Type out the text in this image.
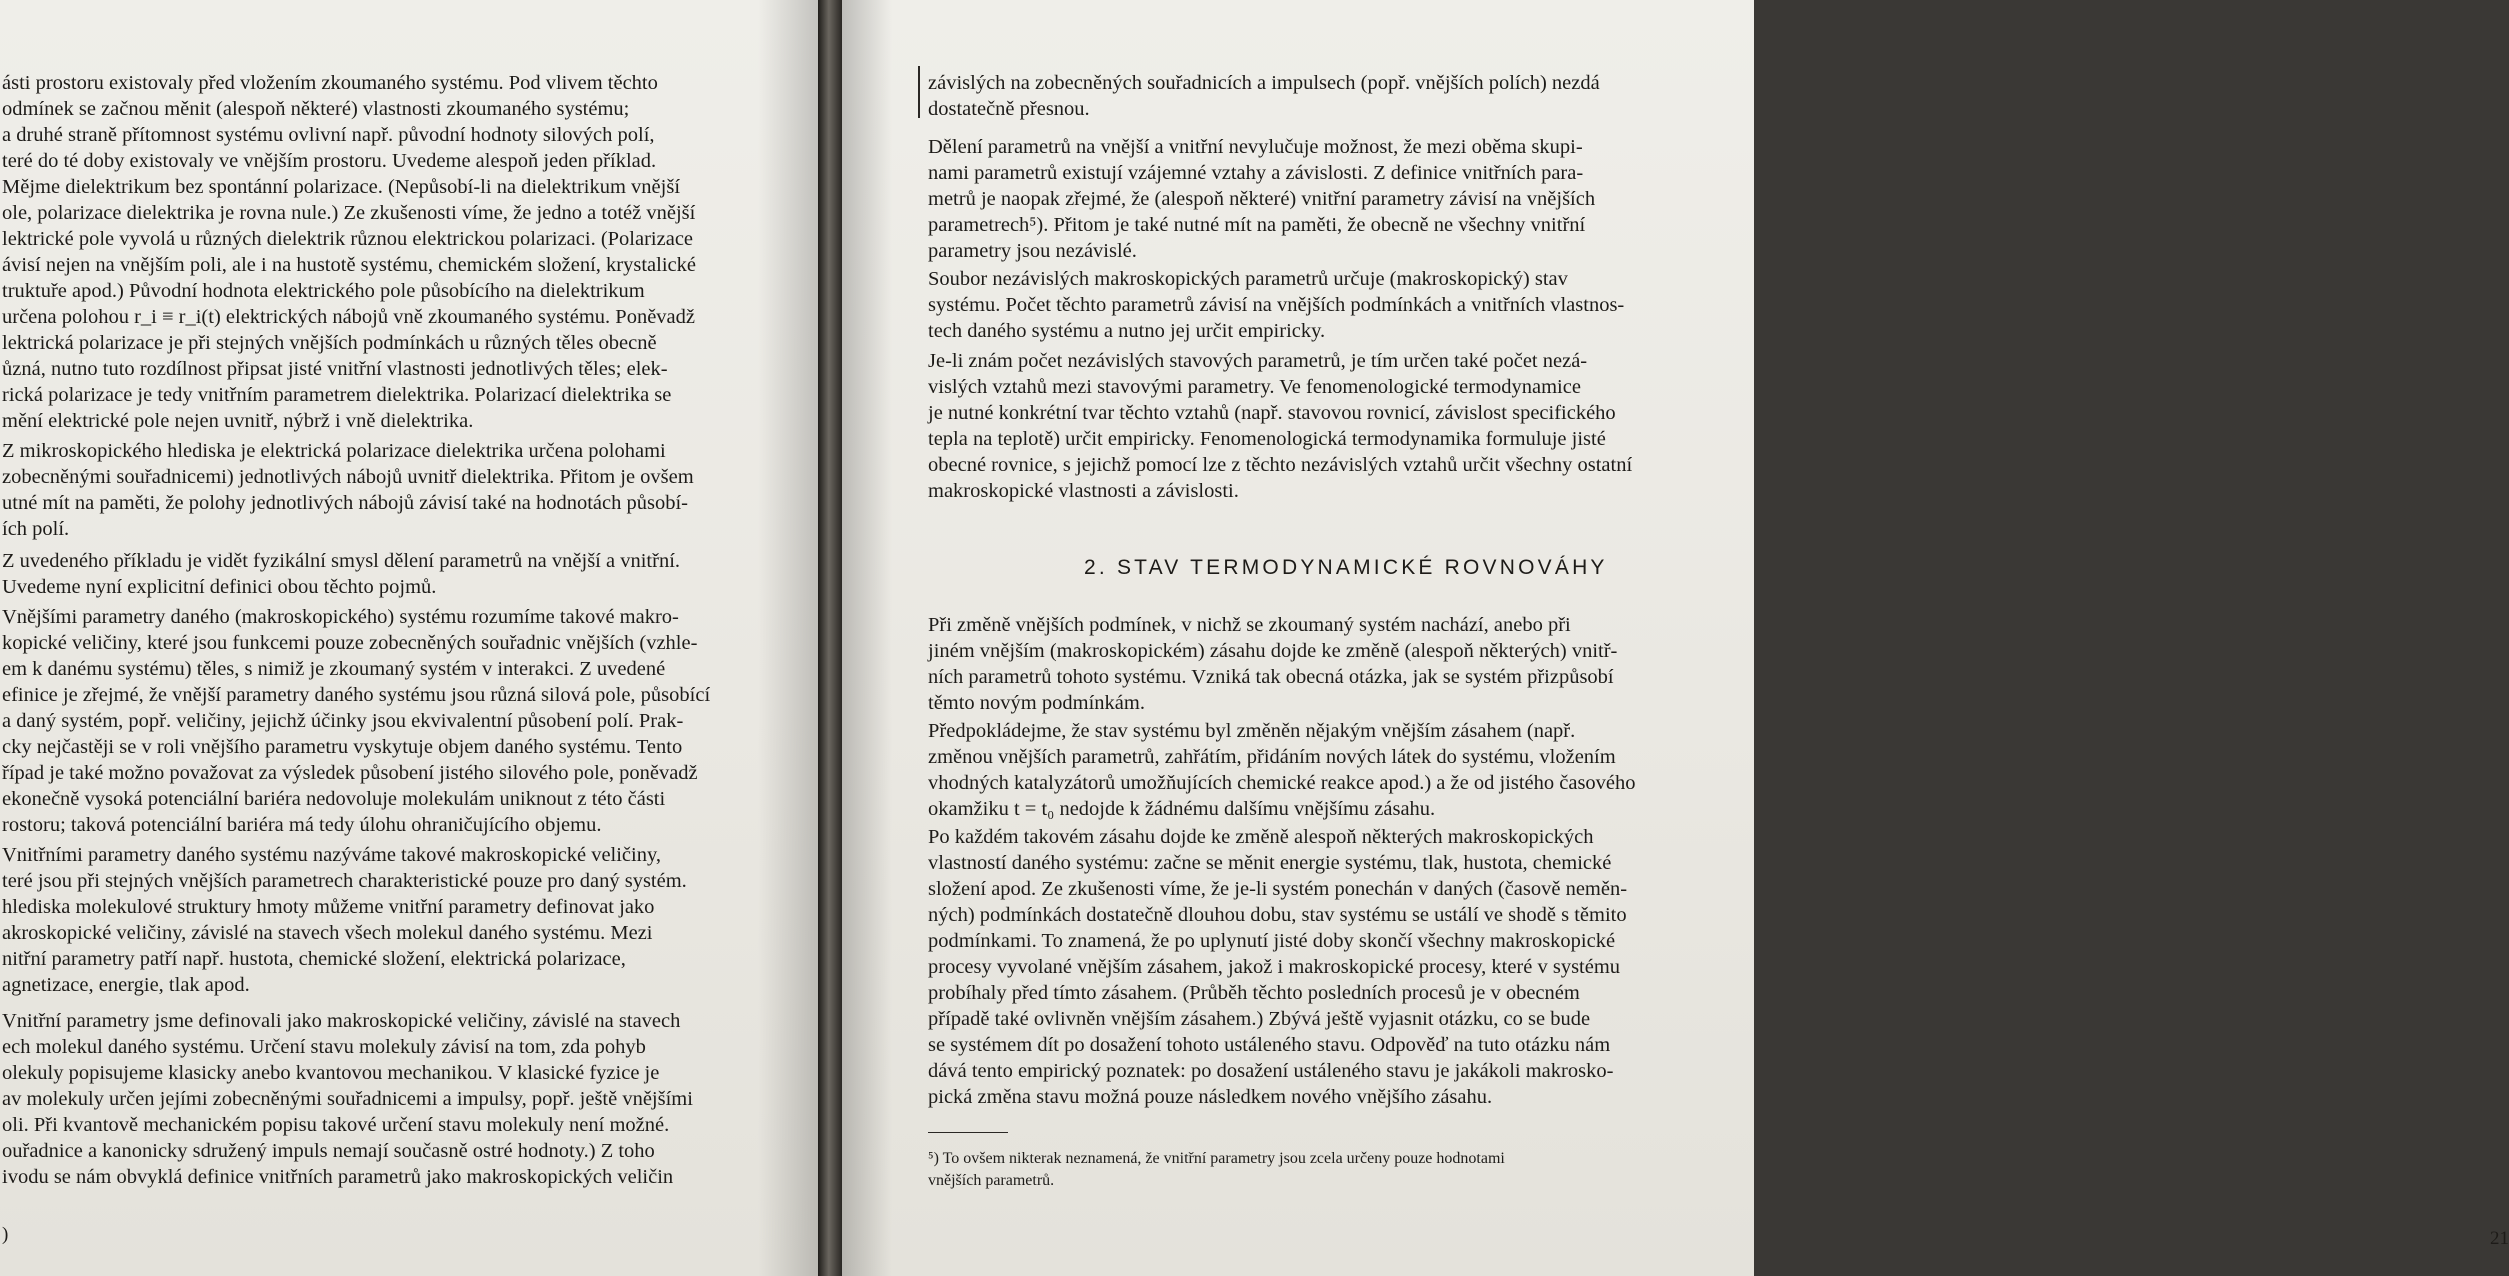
ásti prostoru existovaly před vložením zkoumaného systému. Pod vlivem těchto
odmínek se začnou měnit (alespoň některé) vlastnosti zkoumaného systému;
a druhé straně přítomnost systému ovlivní např. původní hodnoty silových polí,
teré do té doby existovaly ve vnějším prostoru. Uvedeme alespoň jeden příklad.
Mějme dielektrikum bez spontánní polarizace. (Nepůsobí-li na dielektrikum vnější
ole, polarizace dielektrika je rovna nule.) Ze zkušenosti víme, že jedno a totéž vnější
lektrické pole vyvolá u různých dielektrik různou elektrickou polarizaci. (Polarizace
ávisí nejen na vnějším poli, ale i na hustotě systému, chemickém složení, krystalické
truktuře apod.) Původní hodnota elektrického pole působícího na dielektrikum
určena polohou r_i ≡ r_i(t) elektrických nábojů vně zkoumaného systému. Poněvadž
lektrická polarizace je při stejných vnějších podmínkách u různých těles obecně
ůzná, nutno tuto rozdílnost připsat jisté vnitřní vlastnosti jednotlivých těles; elek-
rická polarizace je tedy vnitřním parametrem dielektrika. Polarizací dielektrika se
mění elektrické pole nejen uvnitř, nýbrž i vně dielektrika.
Z mikroskopického hlediska je elektrická polarizace dielektrika určena polohami
zobecněnými souřadnicemi) jednotlivých nábojů uvnitř dielektrika. Přitom je ovšem
utné mít na paměti, že polohy jednotlivých nábojů závisí také na hodnotách působí-
ích polí.
Z uvedeného příkladu je vidět fyzikální smysl dělení parametrů na vnější a vnitřní.
Uvedeme nyní explicitní definici obou těchto pojmů.
Vnějšími parametry daného (makroskopického) systému rozumíme takové makro-
kopické veličiny, které jsou funkcemi pouze zobecněných souřadnic vnějších (vzhle-
em k danému systému) těles, s nimiž je zkoumaný systém v interakci. Z uvedené
efinice je zřejmé, že vnější parametry daného systému jsou různá silová pole, působící
a daný systém, popř. veličiny, jejichž účinky jsou ekvivalentní působení polí. Prak-
cky nejčastěji se v roli vnějšího parametru vyskytuje objem daného systému. Tento
řípad je také možno považovat za výsledek působení jistého silového pole, poněvadž
ekonečně vysoká potenciální bariéra nedovoluje molekulám uniknout z této části
rostoru; taková potenciální bariéra má tedy úlohu ohraničujícího objemu.
Vnitřními parametry daného systému nazýváme takové makroskopické veličiny,
teré jsou při stejných vnějších parametrech charakteristické pouze pro daný systém.
hlediska molekulové struktury hmoty můžeme vnitřní parametry definovat jako
akroskopické veličiny, závislé na stavech všech molekul daného systému. Mezi
nitřní parametry patří např. hustota, chemické složení, elektrická polarizace,
agnetizace, energie, tlak apod.
Vnitřní parametry jsme definovali jako makroskopické veličiny, závislé na stavech
ech molekul daného systému. Určení stavu molekuly závisí na tom, zda pohyb
olekuly popisujeme klasicky anebo kvantovou mechanikou. V klasické fyzice je
av molekuly určen jejími zobecněnými souřadnicemi a impulsy, popř. ještě vnějšími
oli. Při kvantově mechanickém popisu takové určení stavu molekuly není možné.
ouřadnice a kanonicky sdružený impuls nemají současně ostré hodnoty.) Z toho
ivodu se nám obvyklá definice vnitřních parametrů jako makroskopických veličin
)
závislých na zobecněných souřadnicích a impulsech (popř. vnějších polích) nezdá
dostatečně přesnou.
Dělení parametrů na vnější a vnitřní nevylučuje možnost, že mezi oběma skupi-
nami parametrů existují vzájemné vztahy a závislosti. Z definice vnitřních para-
metrů je naopak zřejmé, že (alespoň některé) vnitřní parametry závisí na vnějších
parametrech⁵). Přitom je také nutné mít na paměti, že obecně ne všechny vnitřní
parametry jsou nezávislé.
Soubor nezávislých makroskopických parametrů určuje (makroskopický) stav
systému. Počet těchto parametrů závisí na vnějších podmínkách a vnitřních vlastnos-
tech daného systému a nutno jej určit empiricky.
Je-li znám počet nezávislých stavových parametrů, je tím určen také počet nezá-
vislých vztahů mezi stavovými parametry. Ve fenomenologické termodynamice
je nutné konkrétní tvar těchto vztahů (např. stavovou rovnicí, závislost specifického
tepla na teplotě) určit empiricky. Fenomenologická termodynamika formuluje jisté
obecné rovnice, s jejichž pomocí lze z těchto nezávislých vztahů určit všechny ostatní
makroskopické vlastnosti a závislosti.
2. STAV TERMODYNAMICKÉ ROVNOVÁHY
Při změně vnějších podmínek, v nichž se zkoumaný systém nachází, anebo při
jiném vnějším (makroskopickém) zásahu dojde ke změně (alespoň některých) vnitř-
ních parametrů tohoto systému. Vzniká tak obecná otázka, jak se systém přizpůsobí
těmto novým podmínkám.
Předpokládejme, že stav systému byl změněn nějakým vnějším zásahem (např.
změnou vnějších parametrů, zahřátím, přidáním nových látek do systému, vložením
vhodných katalyzátorů umožňujících chemické reakce apod.) a že od jistého časového
okamžiku t = t₀ nedojde k žádnému dalšímu vnějšímu zásahu.
Po každém takovém zásahu dojde ke změně alespoň některých makroskopických
vlastností daného systému: začne se měnit energie systému, tlak, hustota, chemické
složení apod. Ze zkušenosti víme, že je-li systém ponechán v daných (časově neměn-
ných) podmínkách dostatečně dlouhou dobu, stav systému se ustálí ve shodě s těmito
podmínkami. To znamená, že po uplynutí jisté doby skončí všechny makroskopické
procesy vyvolané vnějším zásahem, jakož i makroskopické procesy, které v systému
probíhaly před tímto zásahem. (Průběh těchto posledních procesů je v obecném
případě také ovlivněn vnějším zásahem.) Zbývá ještě vyjasnit otázku, co se bude
se systémem dít po dosažení tohoto ustáleného stavu. Odpověď na tuto otázku nám
dává tento empirický poznatek: po dosažení ustáleného stavu je jakákoli makrosko-
pická změna stavu možná pouze následkem nového vnějšího zásahu.
⁵) To ovšem nikterak neznamená, že vnitřní parametry jsou zcela určeny pouze hodnotami
vnějších parametrů.
21
